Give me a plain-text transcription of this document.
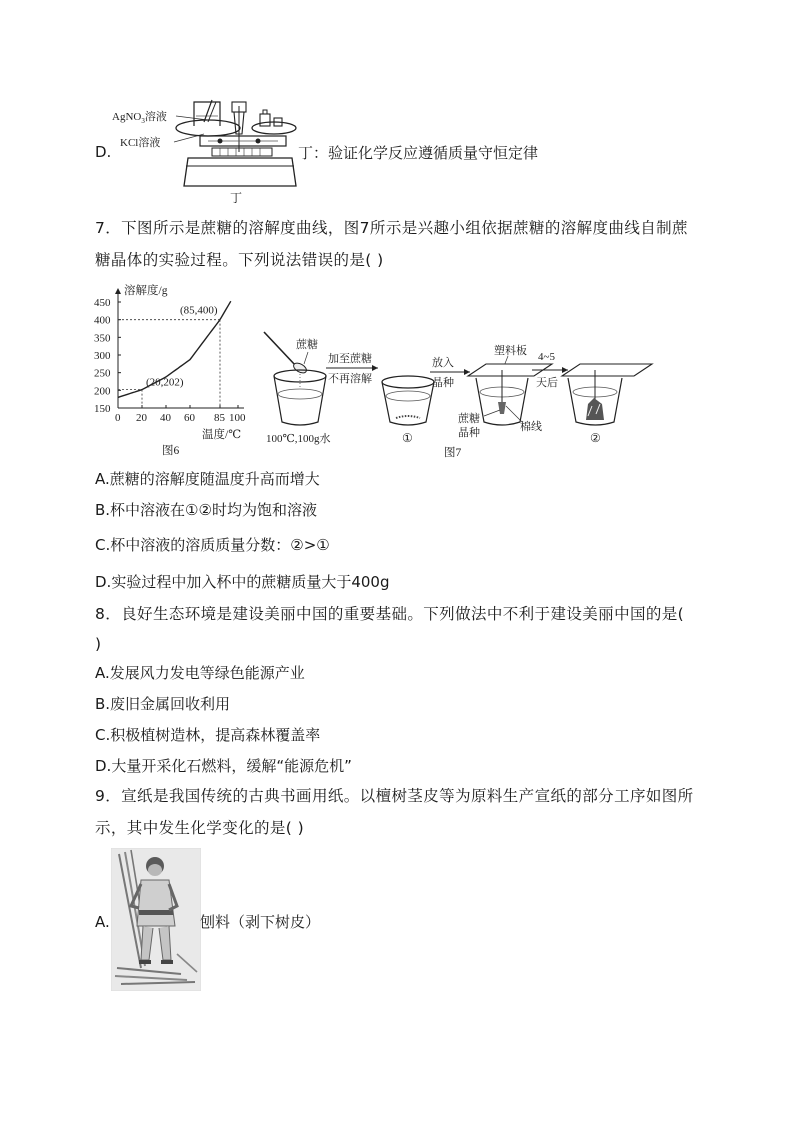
D.
AgNO$_3$溶液
KCl溶液
丁
丁：验证化学反应遵循质量守恒定律
7．下图所示是蔗糖的溶解度曲线，图7所示是兴趣小组依据蔗糖的溶解度曲线自制蔗
糖晶体的实验过程。下列说法错误的是( )
0 20 40 60 85 100
150
200
250
300
350
400
450
(20,202)
(85,400)
溶解度/g
温度/℃
图6
蔗糖
100℃,100g水
加至蔗糖
不再溶解
①
放入
晶种
塑料板
蔗糖
晶种	棉线
4~5
天后
②
图7
A.蔗糖的溶解度随温度升高而增大
B.杯中溶液在①②时均为饱和溶液
C.杯中溶液的溶质质量分数：②>①
D.实验过程中加入杯中的蔗糖质量大于400g
8．良好生态环境是建设美丽中国的重要基础。下列做法中不利于建设美丽中国的是(
)
A.发展风力发电等绿色能源产业
B.废旧金属回收利用
C.积极植树造林，提高森林覆盖率
D.大量开采化石燃料，缓解“能源危机”
9．宣纸是我国传统的古典书画用纸。以檀树茎皮等为原料生产宣纸的部分工序如图所
示，其中发生化学变化的是( )
A.	刨料（剥下树皮）
